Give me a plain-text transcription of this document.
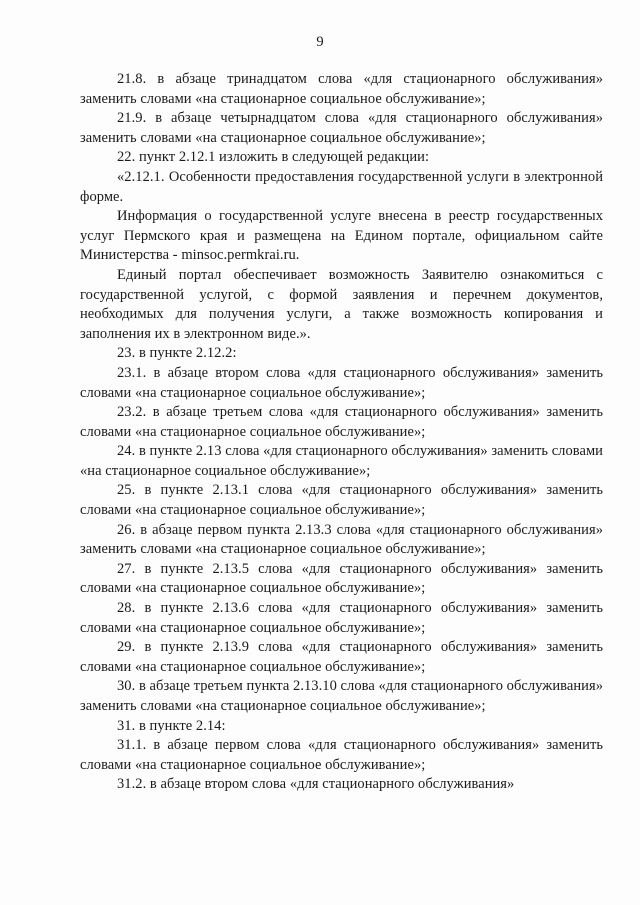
9

21.8. в абзаце тринадцатом слова «для стационарного обслуживания» заменить словами «на стационарное социальное обслуживание»;

21.9. в абзаце четырнадцатом слова «для стационарного обслуживания» заменить словами «на стационарное социальное обслуживание»;

22. пункт 2.12.1 изложить в следующей редакции:

«2.12.1. Особенности предоставления государственной услуги в электронной форме.

Информация о государственной услуге внесена в реестр государственных услуг Пермского края и размещена на Едином портале, официальном сайте Министерства - minsoc.permkrai.ru.

Единый портал обеспечивает возможность Заявителю ознакомиться с государственной услугой, с формой заявления и перечнем документов, необходимых для получения услуги, а также возможность копирования и заполнения их в электронном виде.».

23. в пункте 2.12.2:

23.1. в абзаце втором слова «для стационарного обслуживания» заменить словами «на стационарное социальное обслуживание»;

23.2. в абзаце третьем слова «для стационарного обслуживания» заменить словами «на стационарное социальное обслуживание»;

24. в пункте 2.13 слова «для стационарного обслуживания» заменить словами «на стационарное социальное обслуживание»;

25. в пункте 2.13.1 слова «для стационарного обслуживания» заменить словами «на стационарное социальное обслуживание»;

26. в абзаце первом пункта 2.13.3 слова «для стационарного обслуживания» заменить словами «на стационарное социальное обслуживание»;

27. в пункте 2.13.5 слова «для стационарного обслуживания» заменить словами «на стационарное социальное обслуживание»;

28. в пункте 2.13.6 слова «для стационарного обслуживания» заменить словами «на стационарное социальное обслуживание»;

29. в пункте 2.13.9 слова «для стационарного обслуживания» заменить словами «на стационарное социальное обслуживание»;

30. в абзаце третьем пункта 2.13.10 слова «для стационарного обслуживания» заменить словами «на стационарное социальное обслуживание»;

31. в пункте 2.14:

31.1. в абзаце первом слова «для стационарного обслуживания» заменить словами «на стационарное социальное обслуживание»;

31.2. в абзаце втором слова «для стационарного обслуживания»
